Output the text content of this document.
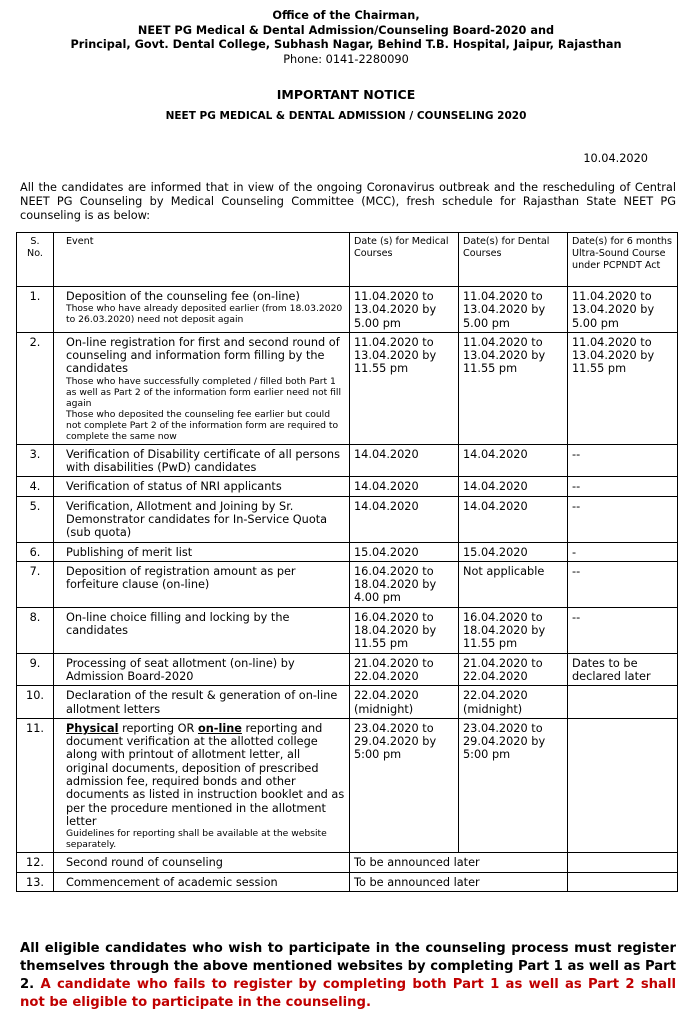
Office of the Chairman,
NEET PG Medical & Dental Admission/Counseling Board-2020 and
Principal, Govt. Dental College, Subhash Nagar, Behind T.B. Hospital, Jaipur, Rajasthan
Phone: 0141-2280090
IMPORTANT NOTICE
NEET PG MEDICAL & DENTAL ADMISSION / COUNSELING 2020
10.04.2020
All the candidates are informed that in view of the ongoing Coronavirus outbreak and the rescheduling of Central NEET PG Counseling by Medical Counseling Committee (MCC), fresh schedule for Rajasthan State NEET PG counseling is as below:
S. No.	Event	Date (s) for Medical Courses	Date(s) for Dental Courses	Date(s) for 6 months Ultra-Sound Course under PCPNDT Act
1.	Deposition of the counseling fee (on-line)
Those who have already deposited earlier (from 18.03.2020 to 26.03.2020) need not deposit again	11.04.2020 to 13.04.2020 by 5.00 pm	11.04.2020 to 13.04.2020 by 5.00 pm	11.04.2020 to 13.04.2020 by 5.00 pm
2.	On-line registration for first and second round of counseling and information form filling by the candidates
Those who have successfully completed / filled both Part 1 as well as Part 2 of the information form earlier need not fill again
Those who deposited the counseling fee earlier but could not complete Part 2 of the information form are required to complete the same now	11.04.2020 to 13.04.2020 by 11.55 pm	11.04.2020 to 13.04.2020 by 11.55 pm	11.04.2020 to 13.04.2020 by 11.55 pm
3.	Verification of Disability certificate of all persons with disabilities (PwD) candidates	14.04.2020	14.04.2020	--
4.	Verification of status of NRI applicants	14.04.2020	14.04.2020	--
5.	Verification, Allotment and Joining by Sr. Demonstrator candidates for In-Service Quota (sub quota)	14.04.2020	14.04.2020	--
6.	Publishing of merit list	15.04.2020	15.04.2020	-
7.	Deposition of registration amount as per forfeiture clause (on-line)	16.04.2020 to 18.04.2020 by 4.00 pm	Not applicable	--
8.	On-line choice filling and locking by the candidates	16.04.2020 to 18.04.2020 by 11.55 pm	16.04.2020 to 18.04.2020 by 11.55 pm	--
9.	Processing of seat allotment (on-line) by Admission Board-2020	21.04.2020 to 22.04.2020	21.04.2020 to 22.04.2020	Dates to be declared later
10.	Declaration of the result & generation of on-line allotment letters	22.04.2020 (midnight)	22.04.2020 (midnight)	
11.	Physical reporting OR on-line reporting and document verification at the allotted college along with printout of allotment letter, all original documents, deposition of prescribed admission fee, required bonds and other documents as listed in instruction booklet and as per the procedure mentioned in the allotment letter
Guidelines for reporting shall be available at the website separately.	23.04.2020 to 29.04.2020 by 5:00 pm	23.04.2020 to 29.04.2020 by 5:00 pm	
12.	Second round of counseling	To be announced later		
13.	Commencement of academic session	To be announced later		
All eligible candidates who wish to participate in the counseling process must register themselves through the above mentioned websites by completing Part 1 as well as Part 2. A candidate who fails to register by completing both Part 1 as well as Part 2 shall not be eligible to participate in the counseling.
